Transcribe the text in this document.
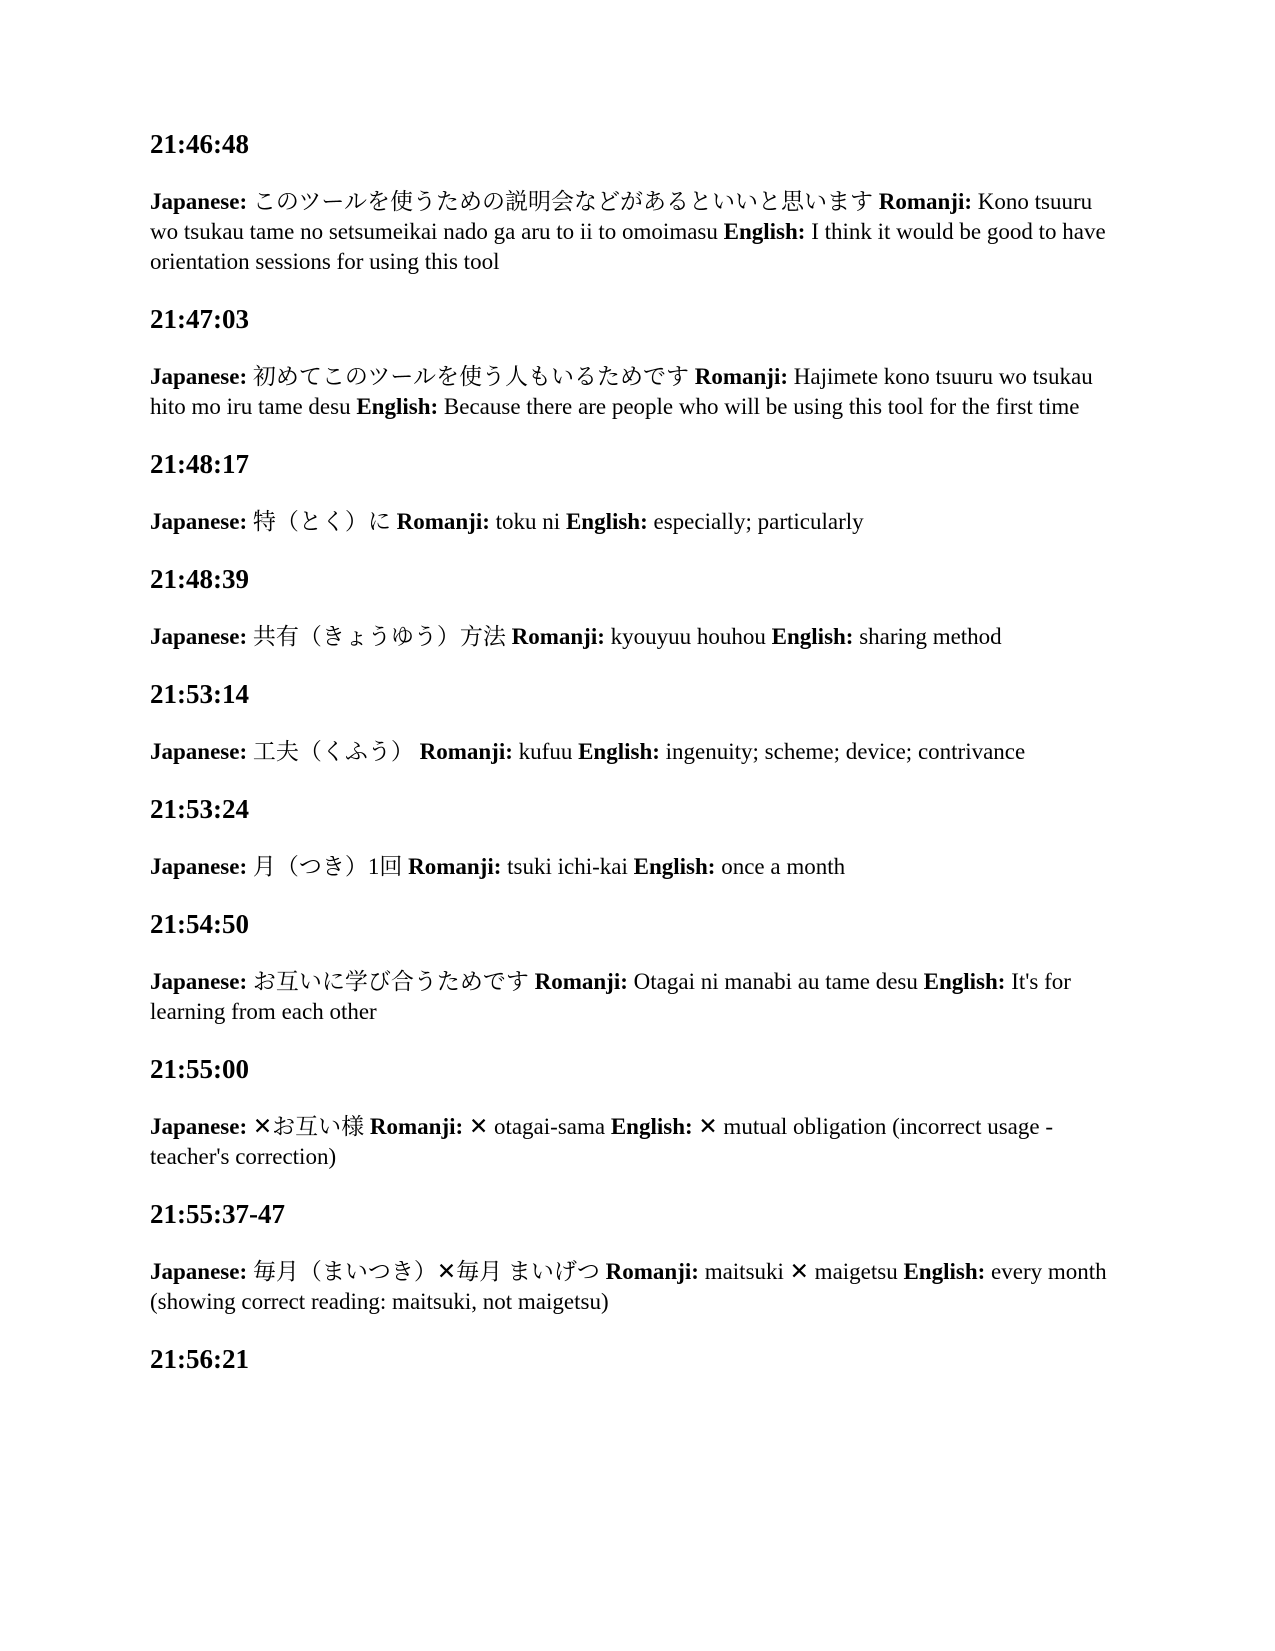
21:46:48

Japanese: このツールを使うための説明会などがあるといいと思います Romanji: Kono tsuuru wo tsukau tame no setsumeikai nado ga aru to ii to omoimasu English: I think it would be good to have orientation sessions for using this tool

21:47:03

Japanese: 初めてこのツールを使う人もいるためです Romanji: Hajimete kono tsuuru wo tsukau hito mo iru tame desu English: Because there are people who will be using this tool for the first time

21:48:17

Japanese: 特（とく）に Romanji: toku ni English: especially; particularly

21:48:39

Japanese: 共有（きょうゆう）方法 Romanji: kyouyuu houhou English: sharing method

21:53:14

Japanese: 工夫（くふう） Romanji: kufuu English: ingenuity; scheme; device; contrivance

21:53:24

Japanese: 月（つき）1回 Romanji: tsuki ichi-kai English: once a month

21:54:50

Japanese: お互いに学び合うためです Romanji: Otagai ni manabi au tame desu English: It's for learning from each other

21:55:00

Japanese: ✕お互い様 Romanji: ✕ otagai-sama English: ✕ mutual obligation (incorrect usage - teacher's correction)

21:55:37-47

Japanese: 毎月（まいつき）✕毎月 まいげつ Romanji: maitsuki ✕ maigetsu English: every month (showing correct reading: maitsuki, not maigetsu)

21:56:21
